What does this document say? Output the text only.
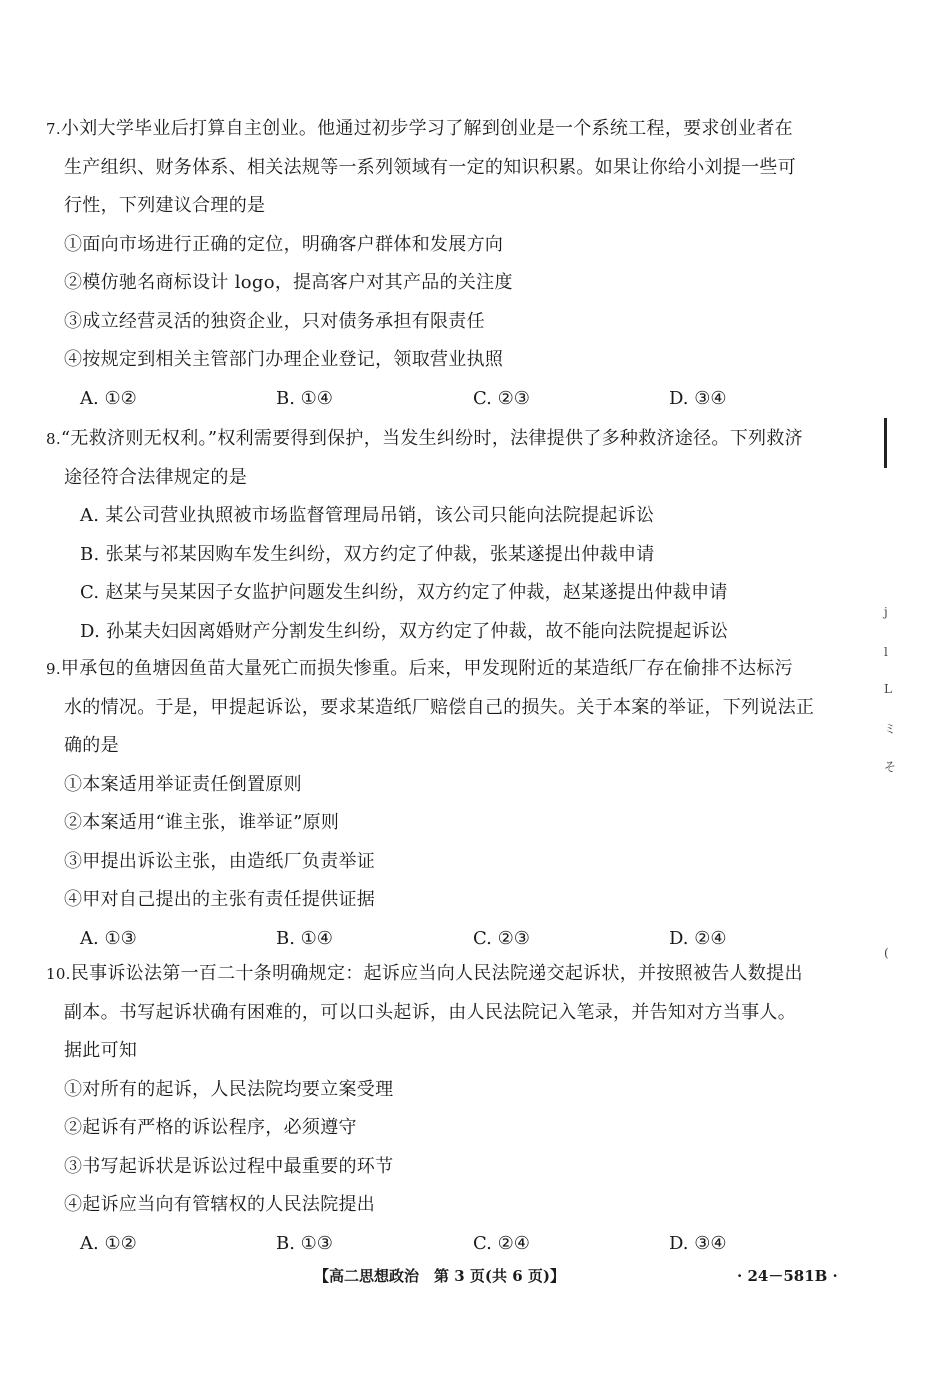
7.小刘大学毕业后打算自主创业。他通过初步学习了解到创业是一个系统工程，要求创业者在
生产组织、财务体系、相关法规等一系列领域有一定的知识积累。如果让你给小刘提一些可
行性，下列建议合理的是
①面向市场进行正确的定位，明确客户群体和发展方向
②模仿驰名商标设计 logo，提高客户对其产品的关注度
③成立经营灵活的独资企业，只对债务承担有限责任
④按规定到相关主管部门办理企业登记，领取营业执照
A. ①②	B. ①④	C. ②③	D. ③④
8.“无救济则无权利。”权利需要得到保护，当发生纠纷时，法律提供了多种救济途径。下列救济
途径符合法律规定的是
A. 某公司营业执照被市场监督管理局吊销，该公司只能向法院提起诉讼
B. 张某与祁某因购车发生纠纷，双方约定了仲裁，张某遂提出仲裁申请
C. 赵某与吴某因子女监护问题发生纠纷，双方约定了仲裁，赵某遂提出仲裁申请
D. 孙某夫妇因离婚财产分割发生纠纷，双方约定了仲裁，故不能向法院提起诉讼
9.甲承包的鱼塘因鱼苗大量死亡而损失惨重。后来，甲发现附近的某造纸厂存在偷排不达标污
水的情况。于是，甲提起诉讼，要求某造纸厂赔偿自己的损失。关于本案的举证，下列说法正
确的是
①本案适用举证责任倒置原则
②本案适用“谁主张，谁举证”原则
③甲提出诉讼主张，由造纸厂负责举证
④甲对自己提出的主张有责任提供证据
A. ①③	B. ①④	C. ②③	D. ②④
10.民事诉讼法第一百二十条明确规定：起诉应当向人民法院递交起诉状，并按照被告人数提出
副本。书写起诉状确有困难的，可以口头起诉，由人民法院记入笔录，并告知对方当事人。
据此可知
①对所有的起诉，人民法院均要立案受理
②起诉有严格的诉讼程序，必须遵守
③书写起诉状是诉讼过程中最重要的环节
④起诉应当向有管辖权的人民法院提出
A. ①②	B. ①③	C. ②④	D. ③④
【高二思想政治　第 3 页(共 6 页)】	· 24－581B ·
j
l
L
ミ
そ
(
